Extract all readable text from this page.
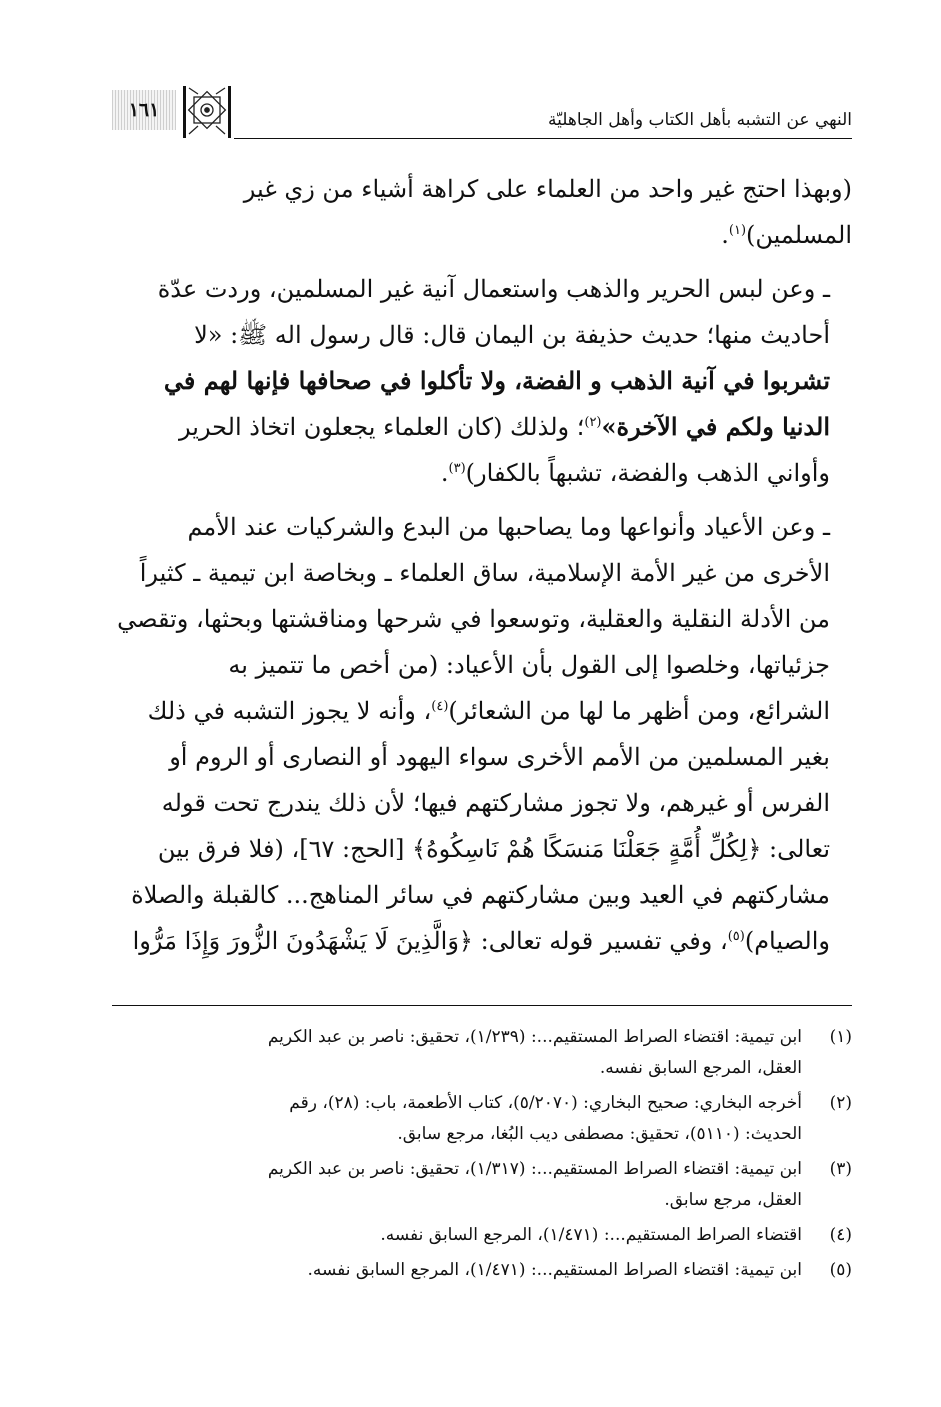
١٦١	النهي عن التشبه بأهل الكتاب وأهل الجاهليّة

(وبهذا احتج غير واحد من العلماء على كراهة أشياء من زي غير
المسلمين)$^{(١)}$.

ـ وعن لبس الحرير والذهب واستعمال آنية غير المسلمين، وردت عدّة
أحاديث منها؛ حديث حذيفة بن اليمان قال: قال رسول اله ﷺ: «لا
تشربوا في آنية الذهب و الفضة، ولا تأكلوا في صحافها فإنها لهم في
الدنيا ولكم في الآخرة»$^{(٢)}$؛ ولذلك (كان العلماء يجعلون اتخاذ الحرير
وأواني الذهب والفضة، تشبهاً بالكفار)$^{(٣)}$.

ـ وعن الأعياد وأنواعها وما يصاحبها من البدع والشركيات عند الأمم
الأخرى من غير الأمة الإسلامية، ساق العلماء ـ وبخاصة ابن تيمية ـ كثيراً
من الأدلة النقلية والعقلية، وتوسعوا في شرحها ومناقشتها وبحثها، وتقصي
جزئياتها، وخلصوا إلى القول بأن الأعياد: (من أخص ما تتميز به
الشرائع، ومن أظهر ما لها من الشعائر)$^{(٤)}$، وأنه لا يجوز التشبه في ذلك
بغير المسلمين من الأمم الأخرى سواء اليهود أو النصارى أو الروم أو
الفرس أو غيرهم، ولا تجوز مشاركتهم فيها؛ لأن ذلك يندرج تحت قوله
تعالى: ﴿لِكُلِّ أُمَّةٍ جَعَلْنَا مَنسَكًا هُمْ نَاسِكُوهُ﴾ [الحج: ٦٧]، (فلا فرق بين
مشاركتهم في العيد وبين مشاركتهم في سائر المناهج... كالقبلة والصلاة
والصيام)$^{(٥)}$، وفي تفسير قوله تعالى: ﴿وَالَّذِينَ لَا يَشْهَدُونَ الزُّورَ وَإِذَا مَرُّوا

(١)
ابن تيمية: اقتضاء الصراط المستقيم...: (١/٢٣٩)، تحقيق: ناصر بن عبد الكريم
العقل، المرجع السابق نفسه.
(٢)
أخرجه البخاري: صحيح البخاري: (٥/٢٠٧٠)، كتاب الأطعمة، باب: (٢٨)، رقم
الحديث: (٥١١٠)، تحقيق: مصطفى ديب البُغا، مرجع سابق.
(٣)
ابن تيمية: اقتضاء الصراط المستقيم...: (١/٣١٧)، تحقيق: ناصر بن عبد الكريم
العقل، مرجع سابق.
(٤)
اقتضاء الصراط المستقيم...: (١/٤٧١)، المرجع السابق نفسه.
(٥)
ابن تيمية: اقتضاء الصراط المستقيم...: (١/٤٧١)، المرجع السابق نفسه.
